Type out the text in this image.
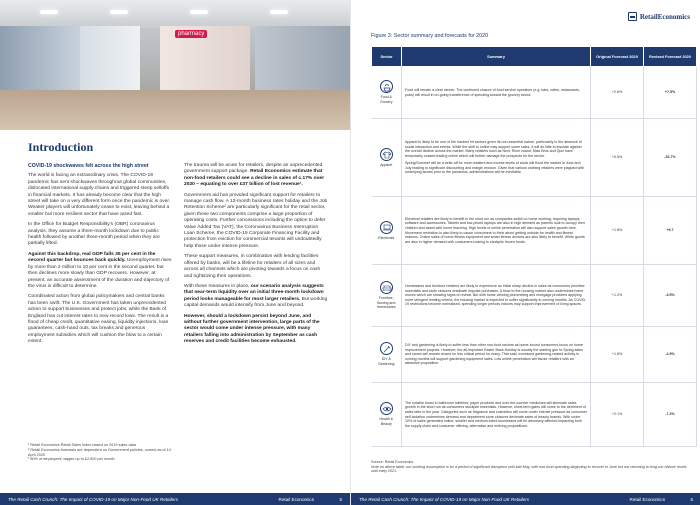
pharmacy
Introduction
COVID-19 shockwaves felt across the high street

The world is facing an extraordinary crisis. The COVID-19 pandemic has sent shockwaves throughout global communities, dislocated international supply chains and triggered steep selloffs in financial markets. It has already become clear that the high street will take on a very different form once the pandemic is over. Weaker players will unfortunately cease to exist, leaving behind a smaller but more resilient sector that have acted fast.

In the Office for Budget Responsibility's (OBR) coronavirus analysis, they assume a three-month lockdown due to public health followed by another three-month period when they are partially lifted.

Against this backdrop, real GDP falls 35 per cent in the second quarter but bounces back quickly. Unemployment rises by more than 2 million to 10 per cent in the second quarter, but then declines more slowly than GDP recovers. However, at present, an accurate assessment of the duration and trajectory of the virus is difficult to determine.

Coordinated action from global policymakers and central banks has been swift. The U.K. Government has taken unprecedented action to support businesses and protect jobs, while the Bank of England has cut interest rates to new record lows. The result is a flood of cheap credit, quantitative easing, liquidity injections, loan guarantees, cash-hand outs, tax breaks and generous employment subsidies which will cushion the blow to a certain extent.

The trauma will be acute for retailers, despite an unprecedented government support package. Retail Economics estimate that non-food retailers could see a decline in sales of c.17% over 2020 – equating to over £37 billion of lost revenue¹.

Government aid has provided significant support for retailers to manage cash flow. A 12-month business rates holiday and the Job Retention Scheme² are particularly significant for the retail sector, given these two components comprise a large proportion of operating costs. Further concessions including the option to defer Value Added Tax (VAT), the Coronavirus Business Interruption Loan Scheme, the COVID-19 Corporate Financing Facility and protection from eviction for commercial tenants will undoubtedly help those under intense pressure.

These support measures, in combination with lending facilities offered by banks, will be a lifeline for retailers of all sizes and across all channels which are pivoting towards a focus on cash and rightsizing their operations.

With these measures in place, our scenario analysis suggests that near-term liquidity over an initial three-month lockdown period looks manageable for most larger retailers. But working capital demands would intensify from June and beyond.

However, should a lockdown persist beyond June, and without further government intervention, large parts of the sector would come under intense pressure, with many retailers falling into administration by September as cash reserves and credit facilities become exhausted.

¹ Retail Economics Retail Sales Index based on 2019 sales data
² Retail Economics forecasts are dependent on Government policies, correct as of 14 April 2020
³ 80% of employees' wages up to £2,500 per month
The Retail Cash Crunch: The Impact of COVID-19 on Major Non-Food UK Retailers	Retail Economics	5
RetailEconomics
Figure 3: Sector summary and forecasts for 2020
Sector	Summary	Original Forecast 2020	Revised Forecast 2020

Food & Grocery	Food will remain a clear winner. The continued closure of food service operators (e.g. bars, cafes, restaurants, pubs) will result in on-going transference of spending toward the grocery sector.	+2.6%	+7.5%

Apparel	Apparel is likely to be one of the hardest hit sectors given its non-essential nature, particularly in the absence of social interaction and events. While the shift to online may support some sales, it will do little to insulate against the overall decline across the market. Many retailers such as Next, River Island, Miss Bros and Quiz have temporarily ceased trading online which will further damage the prospects for the sector.
Spring/Summer will be a write-off for most retailers and excess levels of stock will flood the market in June and July leading to significant discounting and margin erosion. Given that various clothing retailers were plagued with underlying issues prior to the pandemic, administrations will be inevitable.	+0.5%	-26.7%

Electricals	Electrical retailers are likely to benefit in the short run as companies switch to home working, requiring laptops, software and accessories. Tablets and low-priced laptops are also in high demand as parents look to occupy their children and assist with home teaching. High levels of online penetration will also support sales growth here. Movement restriction is also likely to cause consumers to think about getting outside for health and fitness reasons. Online sales of home fitness equipment and smart fitness devices are also likely to benefit. White goods are also in higher demand with consumers looking to stockpile frozen foods.	+1.8%	+9.7

Furniture, flooring and Homewares	Homewares and furniture retailers are likely to experience an initial sharp decline in sales as consumers prioritise essentials and store closures eradicate impulse purchases. A blow to the housing market also undermines home moves which are showing signs of revival. But with home viewing plummeting and mortgage providers applying more stringent lending criteria, the housing market is expected to suffer significantly in coming months. As COVID-19 restrictions become normalised, spending longer periods indoors may support improvement of living spaces.	+1.2%	-3.5%

DIY & Gardening	DIY and gardening is likely to suffer less than other non-food sectors as home-bound consumers focus on home improvement projects. However, the all-important Easter Bank Holiday is usually the starting gun to Spring sales and stores will remain closed for this critical period for many. That said, increased gardening-related activity in coming months will support gardening equipment sales. Low online penetration will favour retailers with an attractive proposition.	+1.8%	-2.9%

Health & Beauty	The notable boost in bathroom toiletries, paper products and over-the-counter medicines will stimulate sales growth in the short run as consumers stockpile essentials. However, short-term gains will come to the detriment of sales later in the year. Categories such as fragrance and cosmetics will come under intense pressure as consumer self-isolation undermines demand and department store closures decimate sales of beauty brands. With under 10% of sales generated online, smaller and medium-sized businesses will be adversely affected impacting both the supply chain and consumer offering, alternative and enticing propositions.	+2.1%	-7.2%
Source: Retail Economics
Note on above table: our working assumption is for a period of significant disruption until late May, with non-food spending beginning to recover in June but not returning to long-run historic levels until early 2021.
The Retail Cash Crunch: The Impact of COVID-19 on Major Non-Food UK Retailers	Retail Economics	6
